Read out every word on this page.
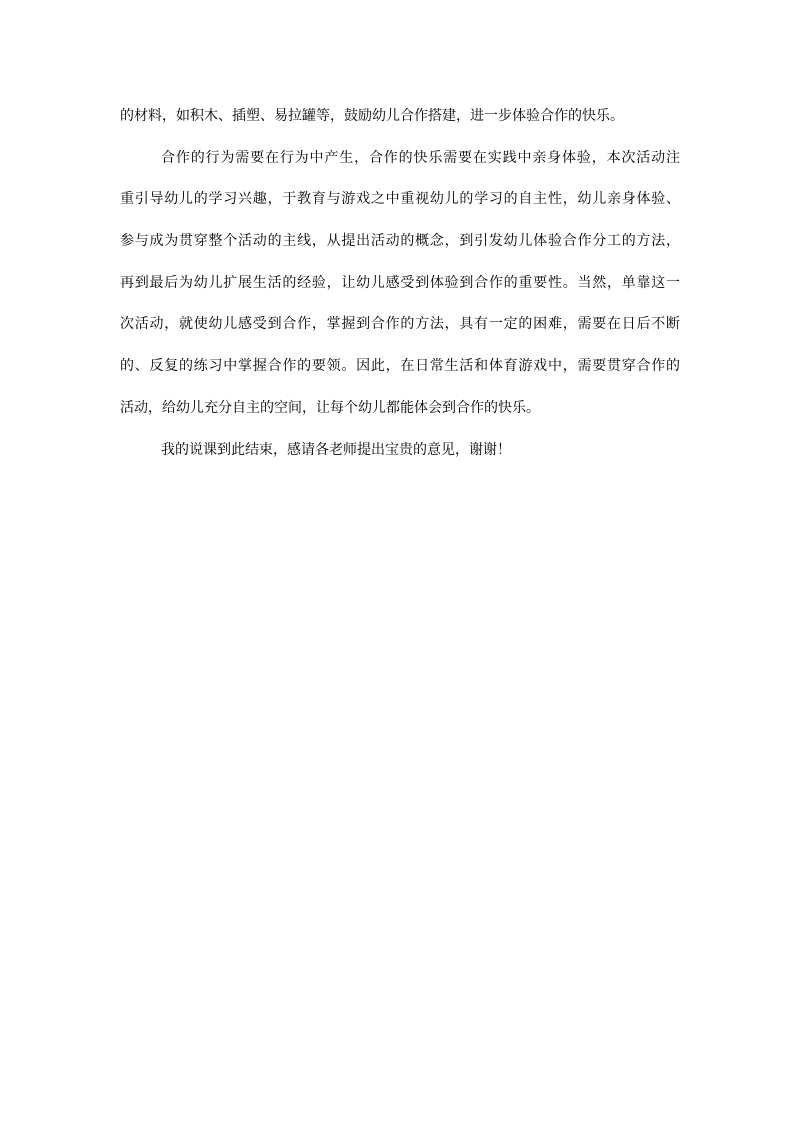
的材料，如积木、插塑、易拉罐等，鼓励幼儿合作搭建，进一步体验合作的快乐。
合作的行为需要在行为中产生，合作的快乐需要在实践中亲身体验，本次活动注
重引导幼儿的学习兴趣，于教育与游戏之中重视幼儿的学习的自主性，幼儿亲身体验、
参与成为贯穿整个活动的主线，从提出活动的概念，到引发幼儿体验合作分工的方法，
再到最后为幼儿扩展生活的经验，让幼儿感受到体验到合作的重要性。当然，单靠这一
次活动，就使幼儿感受到合作，掌握到合作的方法，具有一定的困难，需要在日后不断
的、反复的练习中掌握合作的要领。因此，在日常生活和体育游戏中，需要贯穿合作的
活动，给幼儿充分自主的空间，让每个幼儿都能体会到合作的快乐。
我的说课到此结束，感请各老师提出宝贵的意见，谢谢！
